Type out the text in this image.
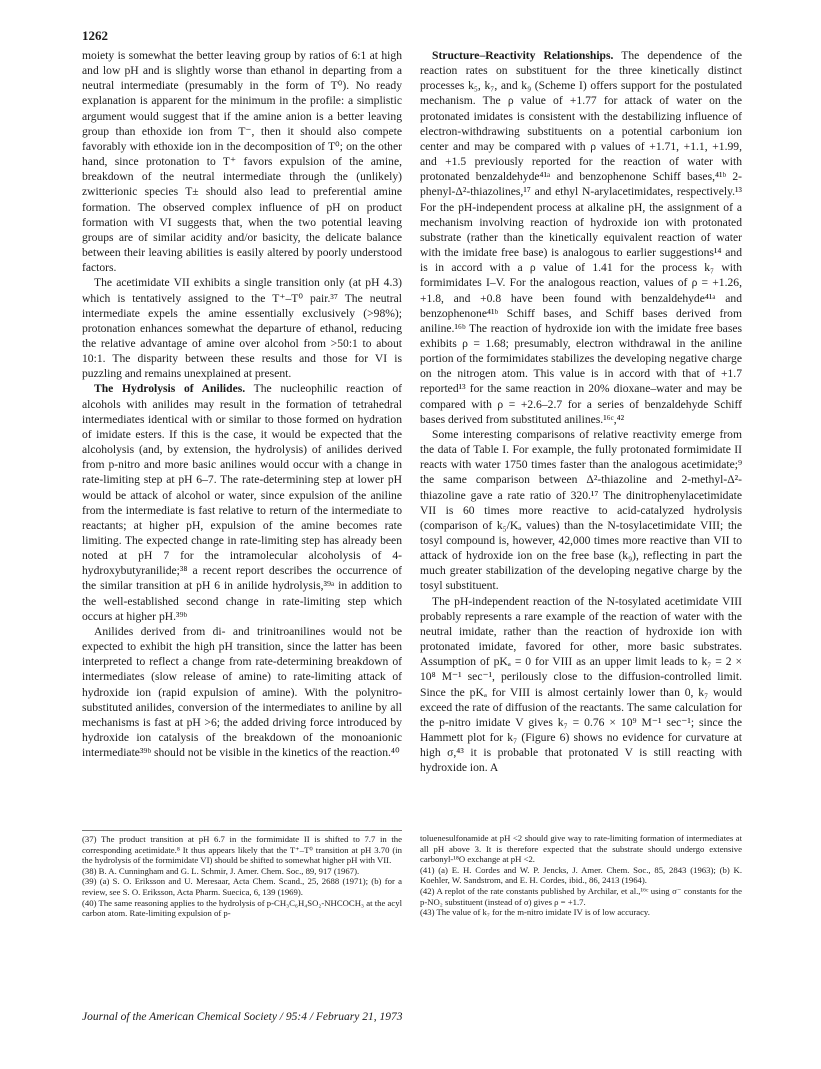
1262

moiety is somewhat the better leaving group by ratios of 6:1 at high and low pH and is slightly worse than ethanol in departing from a neutral intermediate (presumably in the form of T⁰). No ready explanation is apparent for the minimum in the profile: a simplistic argument would suggest that if the amine anion is a better leaving group than ethoxide ion from T⁻, then it should also compete favorably with ethoxide ion in the decomposition of T⁰; on the other hand, since protonation to T⁺ favors expulsion of the amine, breakdown of the neutral intermediate through the (unlikely) zwitterionic species T± should also lead to preferential amine formation. The observed complex influence of pH on product formation with VI suggests that, when the two potential leaving groups are of similar acidity and/or basicity, the delicate balance between their leaving abilities is easily altered by poorly understood factors.

The acetimidate VII exhibits a single transition only (at pH 4.3) which is tentatively assigned to the T⁺–T⁰ pair.³⁷ The neutral intermediate expels the amine essentially exclusively (>98%); protonation enhances somewhat the departure of ethanol, reducing the relative advantage of amine over alcohol from >50:1 to about 10:1. The disparity between these results and those for VI is puzzling and remains unexplained at present.

The Hydrolysis of Anilides. The nucleophilic reaction of alcohols with anilides may result in the formation of tetrahedral intermediates identical with or similar to those formed on hydration of imidate esters. If this is the case, it would be expected that the alcoholysis (and, by extension, the hydrolysis) of anilides derived from p-nitro and more basic anilines would occur with a change in rate-limiting step at pH 6–7. The rate-determining step at lower pH would be attack of alcohol or water, since expulsion of the aniline from the intermediate is fast relative to return of the intermediate to reactants; at higher pH, expulsion of the amine becomes rate limiting. The expected change in rate-limiting step has already been noted at pH 7 for the intramolecular alcoholysis of 4-hydroxybutyranilide;³⁸ a recent report describes the occurrence of the similar transition at pH 6 in anilide hydrolysis,³⁹ᵃ in addition to the well-established second change in rate-limiting step which occurs at higher pH.³⁹ᵇ

Anilides derived from di- and trinitroanilines would not be expected to exhibit the high pH transition, since the latter has been interpreted to reflect a change from rate-determining breakdown of intermediates (slow release of amine) to rate-limiting attack of hydroxide ion (rapid expulsion of amine). With the polynitro-substituted anilides, conversion of the intermediates to aniline by all mechanisms is fast at pH >6; the added driving force introduced by hydroxide ion catalysis of the breakdown of the monoanionic intermediate³⁹ᵇ should not be visible in the kinetics of the reaction.⁴⁰

Structure–Reactivity Relationships. The dependence of the reaction rates on substituent for the three kinetically distinct processes k₅, k₇, and k₉ (Scheme I) offers support for the postulated mechanism. The ρ value of +1.77 for attack of water on the protonated imidates is consistent with the destabilizing influence of electron-withdrawing substituents on a potential carbonium ion center and may be compared with ρ values of +1.71, +1.1, +1.99, and +1.5 previously reported for the reaction of water with protonated benzaldehyde⁴¹ᵃ and benzophenone Schiff bases,⁴¹ᵇ 2-phenyl-Δ²-thiazolines,¹⁷ and ethyl N-arylacetimidates, respectively.¹³ For the pH-independent process at alkaline pH, the assignment of a mechanism involving reaction of hydroxide ion with protonated substrate (rather than the kinetically equivalent reaction of water with the imidate free base) is analogous to earlier suggestions¹⁴ and is in accord with a ρ value of 1.41 for the process k₇ with formimidates I–V. For the analogous reaction, values of ρ = +1.26, +1.8, and +0.8 have been found with benzaldehyde⁴¹ᵃ and benzophenone⁴¹ᵇ Schiff bases, and Schiff bases derived from aniline.¹⁶ᵇ The reaction of hydroxide ion with the imidate free bases exhibits ρ = 1.68; presumably, electron withdrawal in the aniline portion of the formimidates stabilizes the developing negative charge on the nitrogen atom. This value is in accord with that of +1.7 reported¹³ for the same reaction in 20% dioxane–water and may be compared with ρ = +2.6–2.7 for a series of benzaldehyde Schiff bases derived from substituted anilines.¹⁶ᶜ,⁴²

Some interesting comparisons of relative reactivity emerge from the data of Table I. For example, the fully protonated formimidate II reacts with water 1750 times faster than the analogous acetimidate;⁹ the same comparison between Δ²-thiazoline and 2-methyl-Δ²-thiazoline gave a rate ratio of 320.¹⁷ The dinitrophenylacetimidate VII is 60 times more reactive to acid-catalyzed hydrolysis (comparison of k₅/Kₐ values) than the N-tosylacetimidate VIII; the tosyl compound is, however, 42,000 times more reactive than VII to attack of hydroxide ion on the free base (k₉), reflecting in part the much greater stabilization of the developing negative charge by the tosyl substituent.

The pH-independent reaction of the N-tosylated acetimidate VIII probably represents a rare example of the reaction of water with the neutral imidate, rather than the reaction of hydroxide ion with protonated imidate, favored for other, more basic substrates. Assumption of pKₐ = 0 for VIII as an upper limit leads to k₇ = 2 × 10⁸ M⁻¹ sec⁻¹, perilously close to the diffusion-controlled limit. Since the pKₐ for VIII is almost certainly lower than 0, k₇ would exceed the rate of diffusion of the reactants. The same calculation for the p-nitro imidate V gives k₇ = 0.76 × 10⁹ M⁻¹ sec⁻¹; since the Hammett plot for k₇ (Figure 6) shows no evidence for curvature at high σ,⁴³ it is probable that protonated V is still reacting with hydroxide ion. A

(37) The product transition at pH 6.7 in the formimidate II is shifted to 7.7 in the corresponding acetimidate.⁸ It thus appears likely that the T⁺–T⁰ transition at pH 3.70 (in the hydrolysis of the formimidate VI) should be shifted to somewhat higher pH with VII.

(38) B. A. Cunningham and G. L. Schmir, J. Amer. Chem. Soc., 89, 917 (1967).

(39) (a) S. O. Eriksson and U. Meresaar, Acta Chem. Scand., 25, 2688 (1971); (b) for a review, see S. O. Eriksson, Acta Pharm. Suecica, 6, 139 (1969).

(40) The same reasoning applies to the hydrolysis of p-CH₃C₆H₄SO₂-NHCOCH₃ at the acyl carbon atom. Rate-limiting expulsion of p-

toluenesulfonamide at pH <2 should give way to rate-limiting formation of intermediates at all pH above 3. It is therefore expected that the substrate should undergo extensive carbonyl-¹⁸O exchange at pH <2.

(41) (a) E. H. Cordes and W. P. Jencks, J. Amer. Chem. Soc., 85, 2843 (1963); (b) K. Koehler, W. Sandstrom, and E. H. Cordes, ibid., 86, 2413 (1964).

(42) A replot of the rate constants published by Archilar, et al.,¹⁶ᶜ using σ⁻ constants for the p-NO₂ substituent (instead of σ) gives ρ = +1.7.

(43) The value of k₇ for the m-nitro imidate IV is of low accuracy.

Journal of the American Chemical Society / 95:4 / February 21, 1973
